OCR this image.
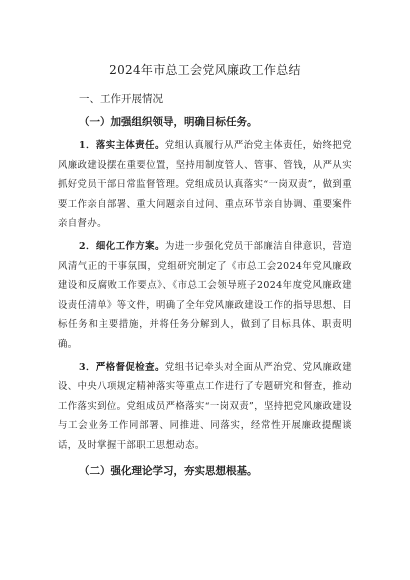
2024年市总工会党风廉政工作总结
一、工作开展情况
（一）加强组织领导，明确目标任务。

1．落实主体责任。党组认真履行从严治党主体责任，始终把党风廉政建设摆在重要位置，坚持用制度管人、管事、管钱，从严从实抓好党员干部日常监督管理。党组成员认真落实“一岗双责”，做到重要工作亲自部署、重大问题亲自过问、重点环节亲自协调、重要案件亲自督办。

2．细化工作方案。为进一步强化党员干部廉洁自律意识，营造风清气正的干事氛围，党组研究制定了《市总工会2024年党风廉政建设和反腐败工作要点》、《市总工会领导班子2024年度党风廉政建设责任清单》等文件，明确了全年党风廉政建设工作的指导思想、目标任务和主要措施，并将任务分解到人，做到了目标具体、职责明确。

3．严格督促检查。党组书记牵头对全面从严治党、党风廉政建设、中央八项规定精神落实等重点工作进行了专题研究和督查，推动工作落实到位。党组成员严格落实“一岗双责”，坚持把党风廉政建设与工会业务工作同部署、同推进、同落实，经常性开展廉政提醒谈话，及时掌握干部职工思想动态。

（二）强化理论学习，夯实思想根基。
